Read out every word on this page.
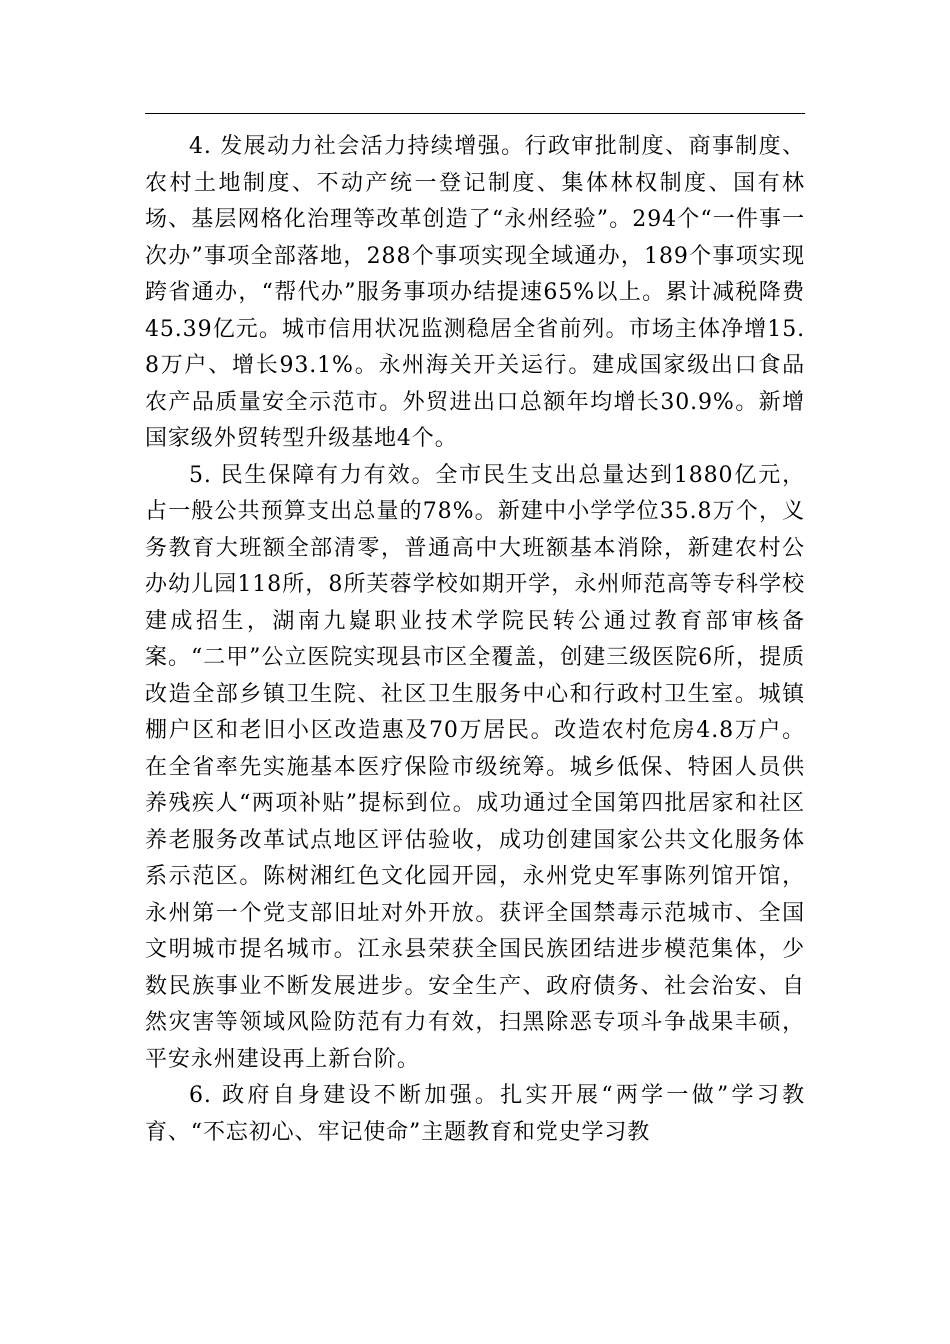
4. 发展动力社会活力持续增强。行政审批制度、商事制度、农村土地制度、不动产统一登记制度、集体林权制度、国有林场、基层网格化治理等改革创造了“永州经验”。294个“一件事一次办”事项全部落地，288个事项实现全域通办，189个事项实现跨省通办，“帮代办”服务事项办结提速65%以上。累计减税降费45.39亿元。城市信用状况监测稳居全省前列。市场主体净增15.8万户、增长93.1%。永州海关开关运行。建成国家级出口食品农产品质量安全示范市。外贸进出口总额年均增长30.9%。新增国家级外贸转型升级基地4个。

5. 民生保障有力有效。全市民生支出总量达到1880亿元，占一般公共预算支出总量的78%。新建中小学学位35.8万个，义务教育大班额全部清零，普通高中大班额基本消除，新建农村公办幼儿园118所，8所芙蓉学校如期开学，永州师范高等专科学校建成招生，湖南九嶷职业技术学院民转公通过教育部审核备案。“二甲”公立医院实现县市区全覆盖，创建三级医院6所，提质改造全部乡镇卫生院、社区卫生服务中心和行政村卫生室。城镇棚户区和老旧小区改造惠及70万居民。改造农村危房4.8万户。在全省率先实施基本医疗保险市级统筹。城乡低保、特困人员供养残疾人“两项补贴”提标到位。成功通过全国第四批居家和社区养老服务改革试点地区评估验收，成功创建国家公共文化服务体系示范区。陈树湘红色文化园开园，永州党史军事陈列馆开馆，永州第一个党支部旧址对外开放。获评全国禁毒示范城市、全国文明城市提名城市。江永县荣获全国民族团结进步模范集体，少数民族事业不断发展进步。安全生产、政府债务、社会治安、自然灾害等领域风险防范有力有效，扫黑除恶专项斗争战果丰硕，平安永州建设再上新台阶。

6. 政府自身建设不断加强。扎实开展“两学一做”学习教育、“不忘初心、牢记使命”主题教育和党史学习教
